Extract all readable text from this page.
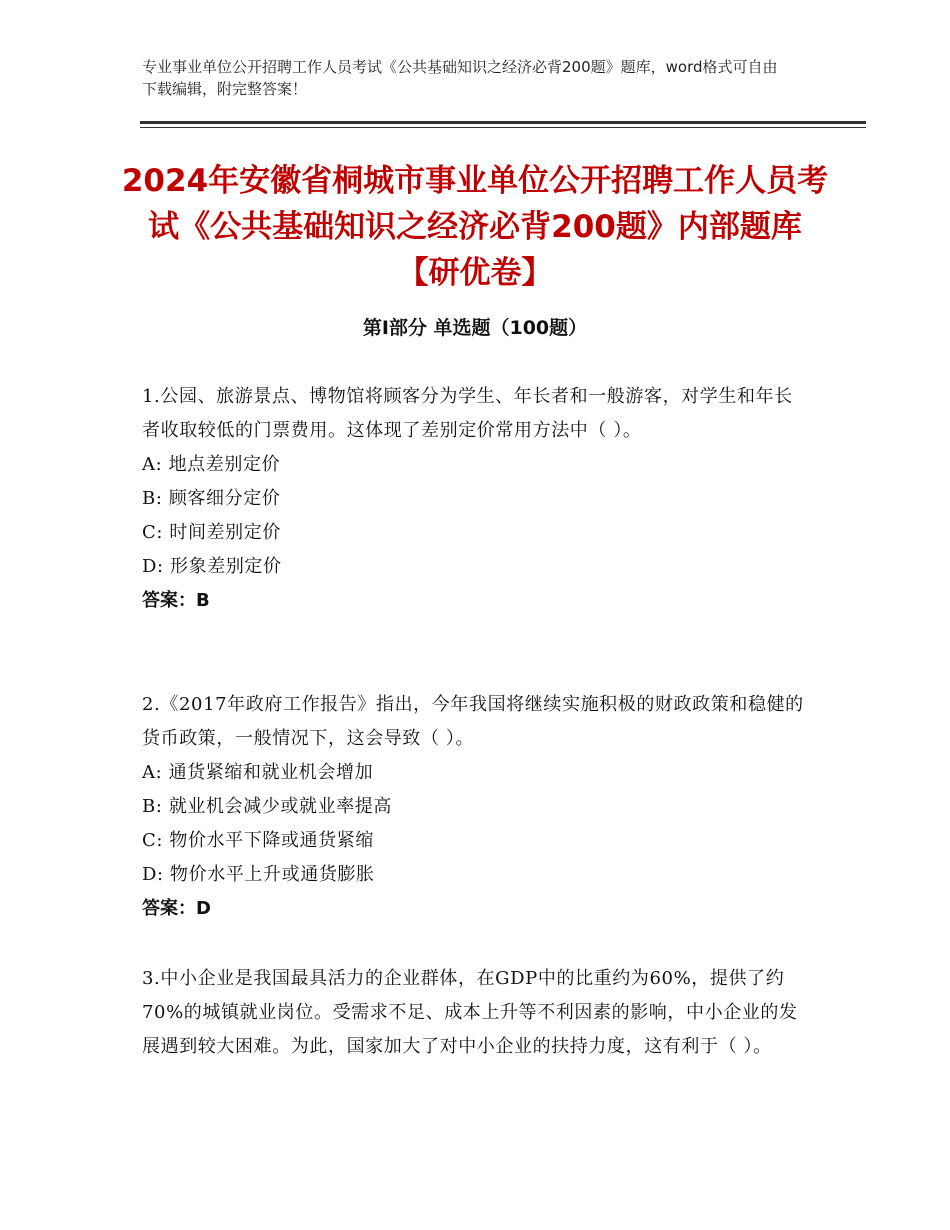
专业事业单位公开招聘工作人员考试《公共基础知识之经济必背200题》题库，word格式可自由下载编辑，附完整答案！

2024年安徽省桐城市事业单位公开招聘工作人员考试《公共基础知识之经济必背200题》内部题库【研优卷】
第I部分 单选题（100题）

1.公园、旅游景点、博物馆将顾客分为学生、年长者和一般游客，对学生和年长者收取较低的门票费用。这体现了差别定价常用方法中（ ）。

A: 地点差别定价

B: 顾客细分定价

C: 时间差别定价

D: 形象差别定价

答案：B

2.《2017年政府工作报告》指出，今年我国将继续实施积极的财政政策和稳健的货币政策，一般情况下，这会导致（ ）。

A: 通货紧缩和就业机会增加

B: 就业机会减少或就业率提高

C: 物价水平下降或通货紧缩

D: 物价水平上升或通货膨胀

答案：D

3.中小企业是我国最具活力的企业群体，在GDP中的比重约为60%，提供了约70%的城镇就业岗位。受需求不足、成本上升等不利因素的影响，中小企业的发展遇到较大困难。为此，国家加大了对中小企业的扶持力度，这有利于（ ）。
